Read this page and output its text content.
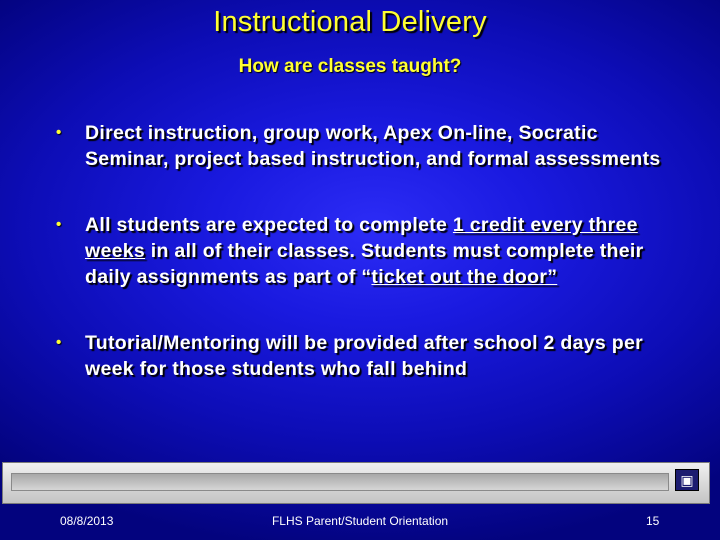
Instructional Delivery
How are classes taught?
• Direct instruction, group work, Apex On-line, Socratic Seminar, project based instruction, and formal assessments
• All students are expected to complete 1 credit every three weeks in all of their classes. Students must complete their daily assignments as part of “ticket out the door”
• Tutorial/Mentoring will be provided after school 2 days per week for those students who fall behind
▣
08/8/2013	FLHS Parent/Student Orientation	15
